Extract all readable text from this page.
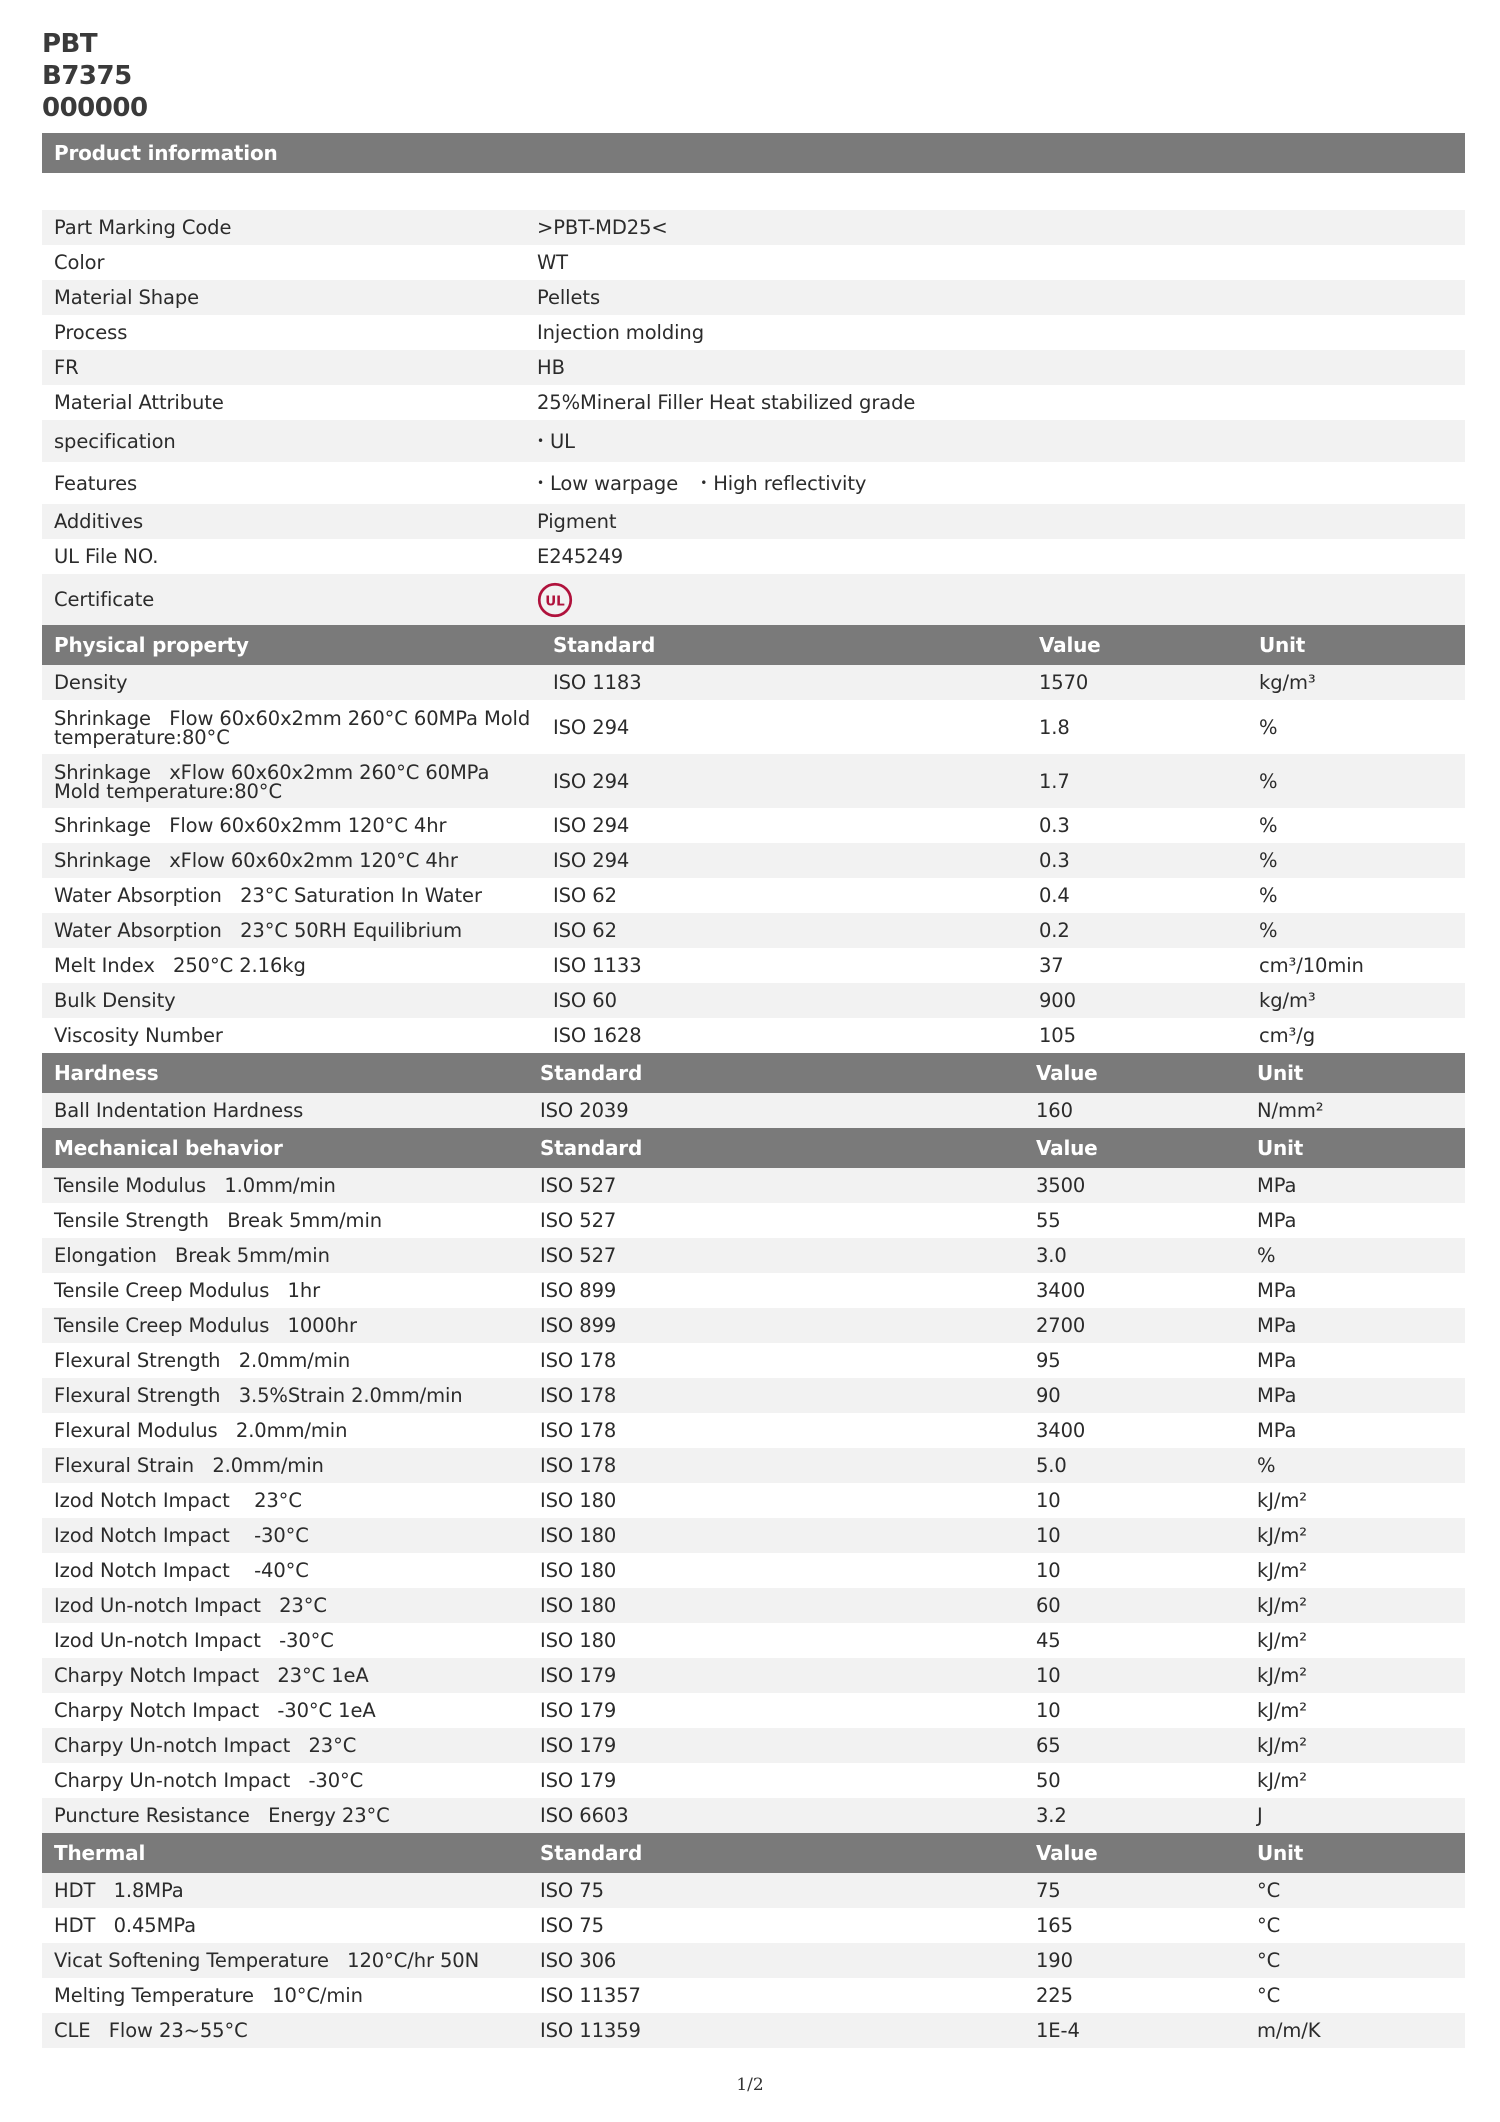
PBT
B7375
000000
Product information
Part Marking Code	>PBT-MD25<
Color	WT
Material Shape	Pellets
Process	Injection molding
FR	HB
Material Attribute	25%Mineral Filler Heat stabilized grade
specification	• UL
Features	• Low warpage • High reflectivity
Additives	Pigment
UL File NO.	E245249
Certificate	UL
Physical property	Standard	Value	Unit
Density	ISO 1183	1570	kg/m³
Shrinkage   Flow 60x60x2mm 260°C 60MPa Mold temperature:80°C	ISO 294	1.8	%
Shrinkage   xFlow 60x60x2mm 260°C 60MPa Mold temperature:80°C	ISO 294	1.7	%
Shrinkage   Flow 60x60x2mm 120°C 4hr	ISO 294	0.3	%
Shrinkage   xFlow 60x60x2mm 120°C 4hr	ISO 294	0.3	%
Water Absorption   23°C Saturation In Water	ISO 62	0.4	%
Water Absorption   23°C 50RH Equilibrium	ISO 62	0.2	%
Melt Index   250°C 2.16kg	ISO 1133	37	cm³/10min
Bulk Density	ISO 60	900	kg/m³
Viscosity Number	ISO 1628	105	cm³/g
Hardness	Standard	Value	Unit
Ball Indentation Hardness	ISO 2039	160	N/mm²
Mechanical behavior	Standard	Value	Unit
Tensile Modulus   1.0mm/min	ISO 527	3500	MPa
Tensile Strength   Break 5mm/min	ISO 527	55	MPa
Elongation   Break 5mm/min	ISO 527	3.0	%
Tensile Creep Modulus   1hr	ISO 899	3400	MPa
Tensile Creep Modulus   1000hr	ISO 899	2700	MPa
Flexural Strength   2.0mm/min	ISO 178	95	MPa
Flexural Strength   3.5%Strain 2.0mm/min	ISO 178	90	MPa
Flexural Modulus   2.0mm/min	ISO 178	3400	MPa
Flexural Strain   2.0mm/min	ISO 178	5.0	%
Izod Notch Impact    23°C	ISO 180	10	kJ/m²
Izod Notch Impact    -30°C	ISO 180	10	kJ/m²
Izod Notch Impact    -40°C	ISO 180	10	kJ/m²
Izod Un-notch Impact   23°C	ISO 180	60	kJ/m²
Izod Un-notch Impact   -30°C	ISO 180	45	kJ/m²
Charpy Notch Impact   23°C 1eA	ISO 179	10	kJ/m²
Charpy Notch Impact   -30°C 1eA	ISO 179	10	kJ/m²
Charpy Un-notch Impact   23°C	ISO 179	65	kJ/m²
Charpy Un-notch Impact   -30°C	ISO 179	50	kJ/m²
Puncture Resistance   Energy 23°C	ISO 6603	3.2	J
Thermal	Standard	Value	Unit
HDT   1.8MPa	ISO 75	75	°C
HDT   0.45MPa	ISO 75	165	°C
Vicat Softening Temperature   120°C/hr 50N	ISO 306	190	°C
Melting Temperature   10°C/min	ISO 11357	225	°C
CLE   Flow 23~55°C	ISO 11359	1E-4	m/m/K
1/2
